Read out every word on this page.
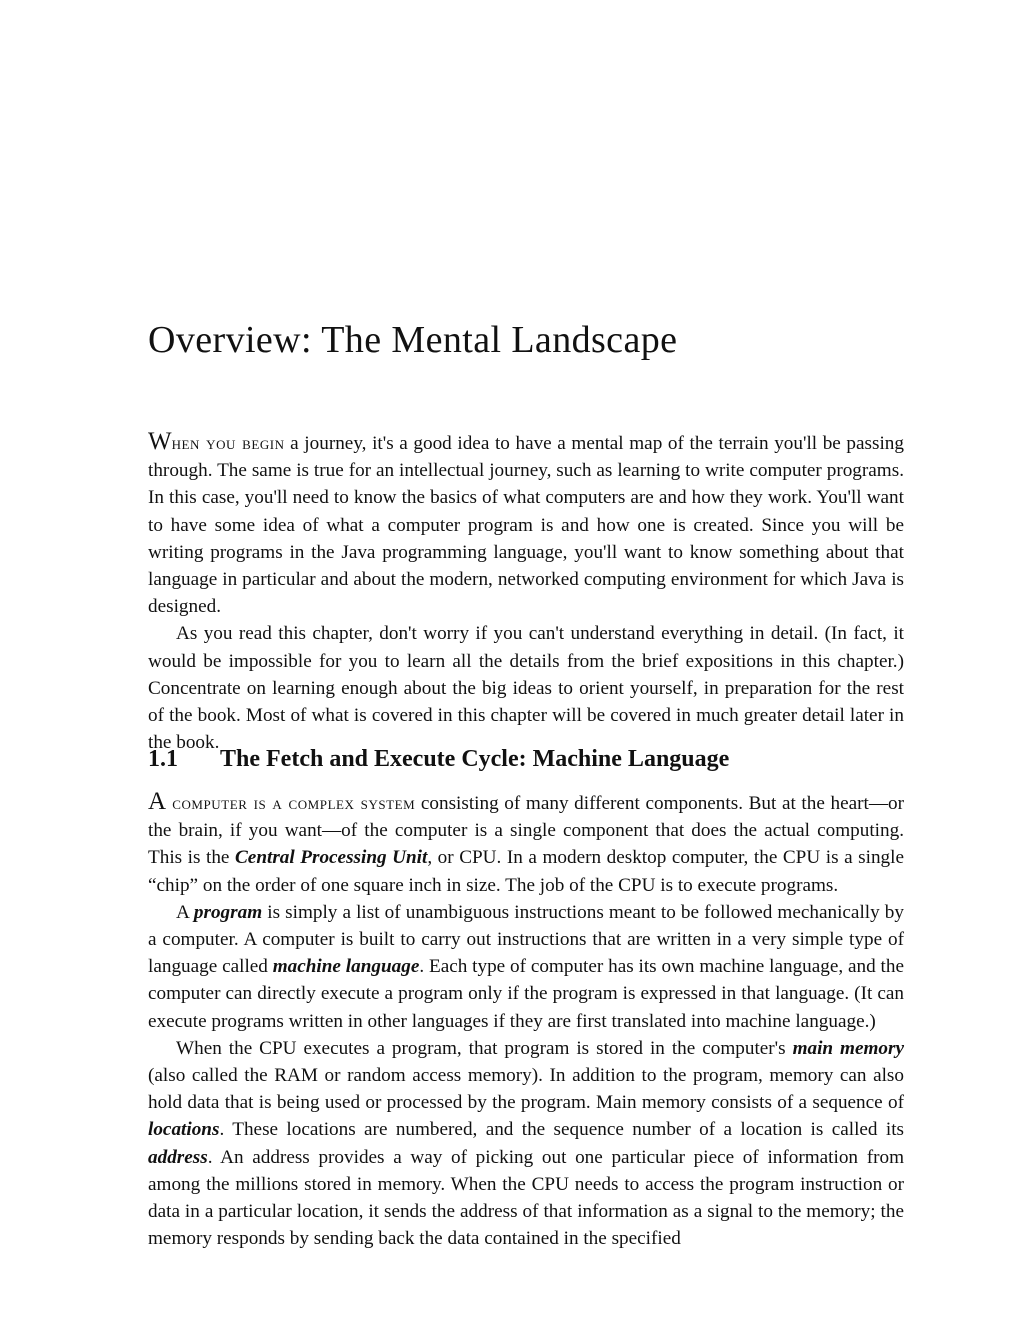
Overview: The Mental Landscape

When you begin a journey, it's a good idea to have a mental map of the terrain you'll be passing through. The same is true for an intellectual journey, such as learning to write computer programs. In this case, you'll need to know the basics of what computers are and how they work. You'll want to have some idea of what a computer program is and how one is created. Since you will be writing programs in the Java programming language, you'll want to know something about that language in particular and about the modern, networked computing environment for which Java is designed.

As you read this chapter, don't worry if you can't understand everything in detail. (In fact, it would be impossible for you to learn all the details from the brief expositions in this chapter.) Concentrate on learning enough about the big ideas to orient yourself, in preparation for the rest of the book. Most of what is covered in this chapter will be covered in much greater detail later in the book.

1.1 The Fetch and Execute Cycle: Machine Language

A computer is a complex system consisting of many different components. But at the heart—or the brain, if you want—of the computer is a single component that does the actual computing. This is the Central Processing Unit, or CPU. In a modern desktop computer, the CPU is a single “chip” on the order of one square inch in size. The job of the CPU is to execute programs.

A program is simply a list of unambiguous instructions meant to be followed mechanically by a computer. A computer is built to carry out instructions that are written in a very simple type of language called machine language. Each type of computer has its own machine language, and the computer can directly execute a program only if the program is expressed in that language. (It can execute programs written in other languages if they are first translated into machine language.)

When the CPU executes a program, that program is stored in the computer's main memory (also called the RAM or random access memory). In addition to the program, memory can also hold data that is being used or processed by the program. Main memory consists of a sequence of locations. These locations are numbered, and the sequence number of a location is called its address. An address provides a way of picking out one particular piece of information from among the millions stored in memory. When the CPU needs to access the program instruction or data in a particular location, it sends the address of that information as a signal to the memory; the memory responds by sending back the data contained in the specified
